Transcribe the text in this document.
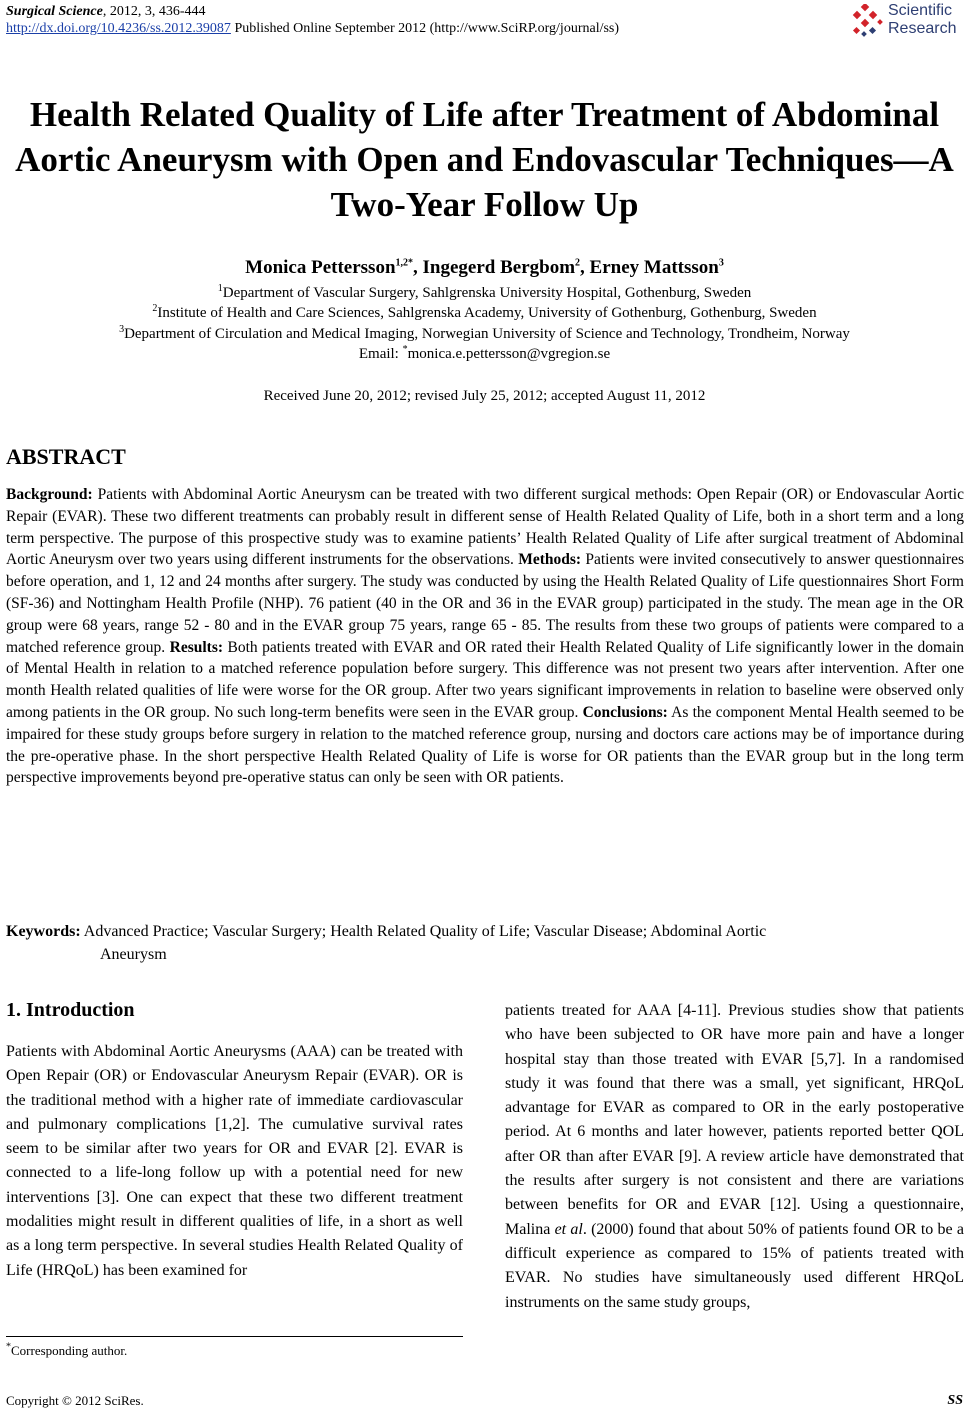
Surgical Science, 2012, 3, 436-444
http://dx.doi.org/10.4236/ss.2012.39087 Published Online September 2012 (http://www.SciRP.org/journal/ss)
Scientific
Research
Health Related Quality of Life after Treatment of Abdominal Aortic Aneurysm with Open and Endovascular Techniques—A Two-Year Follow Up
Monica Pettersson$^{1,2*}$, Ingegerd Bergbom$^2$, Erney Mattsson$^3$
$^1$Department of Vascular Surgery, Sahlgrenska University Hospital, Gothenburg, Sweden
$^2$Institute of Health and Care Sciences, Sahlgrenska Academy, University of Gothenburg, Gothenburg, Sweden
$^3$Department of Circulation and Medical Imaging, Norwegian University of Science and Technology, Trondheim, Norway
Email: *monica.e.pettersson@vgregion.se
Received June 20, 2012; revised July 25, 2012; accepted August 11, 2012
ABSTRACT
Background: Patients with Abdominal Aortic Aneurysm can be treated with two different surgical methods: Open Repair (OR) or Endovascular Aortic Repair (EVAR). These two different treatments can probably result in different sense of Health Related Quality of Life, both in a short term and a long term perspective. The purpose of this prospective study was to examine patients’ Health Related Quality of Life after surgical treatment of Abdominal Aortic Aneurysm over two years using different instruments for the observations. Methods: Patients were invited consecutively to answer questionnaires before operation, and 1, 12 and 24 months after surgery. The study was conducted by using the Health Related Quality of Life questionnaires Short Form (SF-36) and Nottingham Health Profile (NHP). 76 patient (40 in the OR and 36 in the EVAR group) participated in the study. The mean age in the OR group were 68 years, range 52 - 80 and in the EVAR group 75 years, range 65 - 85. The results from these two groups of patients were compared to a matched reference group. Results: Both patients treated with EVAR and OR rated their Health Related Quality of Life significantly lower in the domain of Mental Health in relation to a matched reference population before surgery. This difference was not present two years after intervention. After one month Health related qualities of life were worse for the OR group. After two years significant improvements in relation to baseline were observed only among patients in the OR group. No such long-term benefits were seen in the EVAR group. Conclusions: As the component Mental Health seemed to be impaired for these study groups before surgery in relation to the matched reference group, nursing and doctors care actions may be of importance during the pre-operative phase. In the short perspective Health Related Quality of Life is worse for OR patients than the EVAR group but in the long term perspective improvements beyond pre-operative status can only be seen with OR patients.
Keywords: Advanced Practice; Vascular Surgery; Health Related Quality of Life; Vascular Disease; Abdominal Aortic
Aneurysm
1. Introduction
Patients with Abdominal Aortic Aneurysms (AAA) can be treated with Open Repair (OR) or Endovascular Aneurysm Repair (EVAR). OR is the traditional method with a higher rate of immediate cardiovascular and pulmonary complications [1,2]. The cumulative survival rates seem to be similar after two years for OR and EVAR [2]. EVAR is connected to a life-long follow up with a potential need for new interventions [3]. One can expect that these two different treatment modalities might result in different qualities of life, in a short as well as a long term perspective. In several studies Health Related Quality of Life (HRQoL) has been examined for
patients treated for AAA [4-11]. Previous studies show that patients who have been subjected to OR have more pain and have a longer hospital stay than those treated with EVAR [5,7]. In a randomised study it was found that there was a small, yet significant, HRQoL advantage for EVAR as compared to OR in the early postoperative period. At 6 months and later however, patients reported better QOL after OR than after EVAR [9]. A review article have demonstrated that the results after surgery is not consistent and there are variations between benefits for OR and EVAR [12]. Using a questionnaire, Malina et al. (2000) found that about 50% of patients found OR to be a difficult experience as compared to 15% of patients treated with EVAR. No studies have simultaneously used different HRQoL instruments on the same study groups,
*Corresponding author.
Copyright © 2012 SciRes.	SS
